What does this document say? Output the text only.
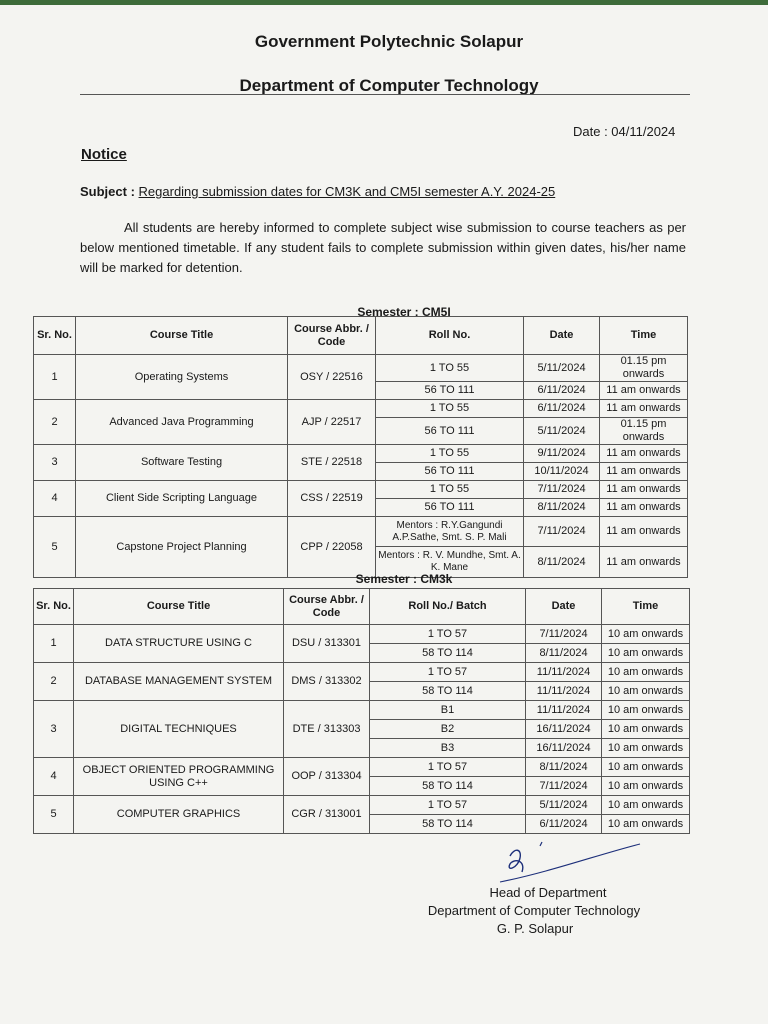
Government Polytechnic Solapur
Department of Computer Technology
Date : 04/11/2024
Notice
Subject : Regarding submission dates for CM3K and CM5I semester A.Y. 2024-25
All students are hereby informed to complete subject wise submission to course teachers as per below mentioned timetable. If any student fails to complete submission within given dates, his/her name will be marked for detention.
Semester : CM5I
Sr. No.	Course Title	Course Abbr. / Code	Roll No.	Date	Time
1	Operating Systems	OSY / 22516	1 TO 55	5/11/2024	01.15 pm onwards
			56 TO 111	6/11/2024	11 am onwards
2	Advanced Java Programming	AJP / 22517	1 TO 55	6/11/2024	11 am onwards
			56 TO 111	5/11/2024	01.15 pm onwards
3	Software Testing	STE / 22518	1 TO 55	9/11/2024	11 am onwards
			56 TO 111	10/11/2024	11 am onwards
4	Client Side Scripting Language	CSS / 22519	1 TO 55	7/11/2024	11 am onwards
			56 TO 111	8/11/2024	11 am onwards
5	Capstone Project Planning	CPP / 22058	Mentors : R.Y.Gangundi A.P.Sathe, Smt. S. P. Mali	7/11/2024	11 am onwards
			Mentors : R. V. Mundhe, Smt. A. K. Mane	8/11/2024	11 am onwards
Semester : CM3k
Sr. No.	Course Title	Course Abbr. / Code	Roll No./ Batch	Date	Time
1	DATA STRUCTURE USING C	DSU / 313301	1 TO 57	7/11/2024	10 am onwards
			58 TO 114	8/11/2024	10 am onwards
2	DATABASE MANAGEMENT SYSTEM	DMS / 313302	1 TO 57	11/11/2024	10 am onwards
			58 TO 114	11/11/2024	10 am onwards
3	DIGITAL TECHNIQUES	DTE / 313303	B1	11/11/2024	10 am onwards
			B2	16/11/2024	10 am onwards
			B3	16/11/2024	10 am onwards
4	OBJECT ORIENTED PROGRAMMING USING C++	OOP / 313304	1 TO 57	8/11/2024	10 am onwards
			58 TO 114	7/11/2024	10 am onwards
5	COMPUTER GRAPHICS	CGR / 313001	1 TO 57	5/11/2024	10 am onwards
			58 TO 114	6/11/2024	10 am onwards
Head of Department
Department of Computer Technology
G. P. Solapur
